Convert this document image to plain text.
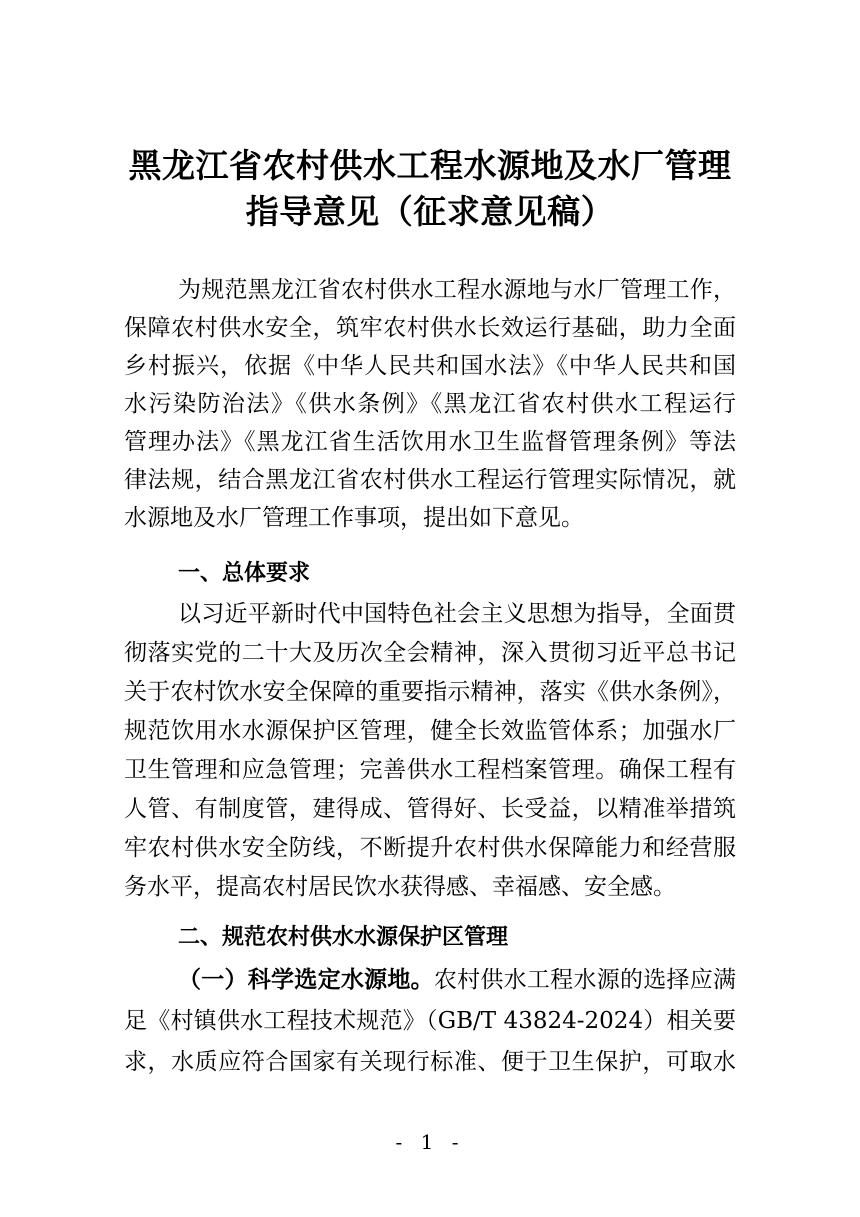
黑龙江省农村供水工程水源地及水厂管理
指导意见（征求意见稿）
为规范黑龙江省农村供水工程水源地与水厂管理工作，
保障农村供水安全，筑牢农村供水长效运行基础，助力全面
乡村振兴，依据《中华人民共和国水法》《中华人民共和国
水污染防治法》《供水条例》《黑龙江省农村供水工程运行
管理办法》《黑龙江省生活饮用水卫生监督管理条例》等法
律法规，结合黑龙江省农村供水工程运行管理实际情况，就
水源地及水厂管理工作事项，提出如下意见。
一、总体要求
以习近平新时代中国特色社会主义思想为指导，全面贯
彻落实党的二十大及历次全会精神，深入贯彻习近平总书记
关于农村饮水安全保障的重要指示精神，落实《供水条例》，
规范饮用水水源保护区管理，健全长效监管体系；加强水厂
卫生管理和应急管理；完善供水工程档案管理。确保工程有
人管、有制度管，建得成、管得好、长受益，以精准举措筑
牢农村供水安全防线，不断提升农村供水保障能力和经营服
务水平，提高农村居民饮水获得感、幸福感、安全感。
二、规范农村供水水源保护区管理
（一）科学选定水源地。农村供水工程水源的选择应满
足《村镇供水工程技术规范》（GB/T 43824-2024）相关要
求，水质应符合国家有关现行标准、便于卫生保护，可取水
- 1 -
